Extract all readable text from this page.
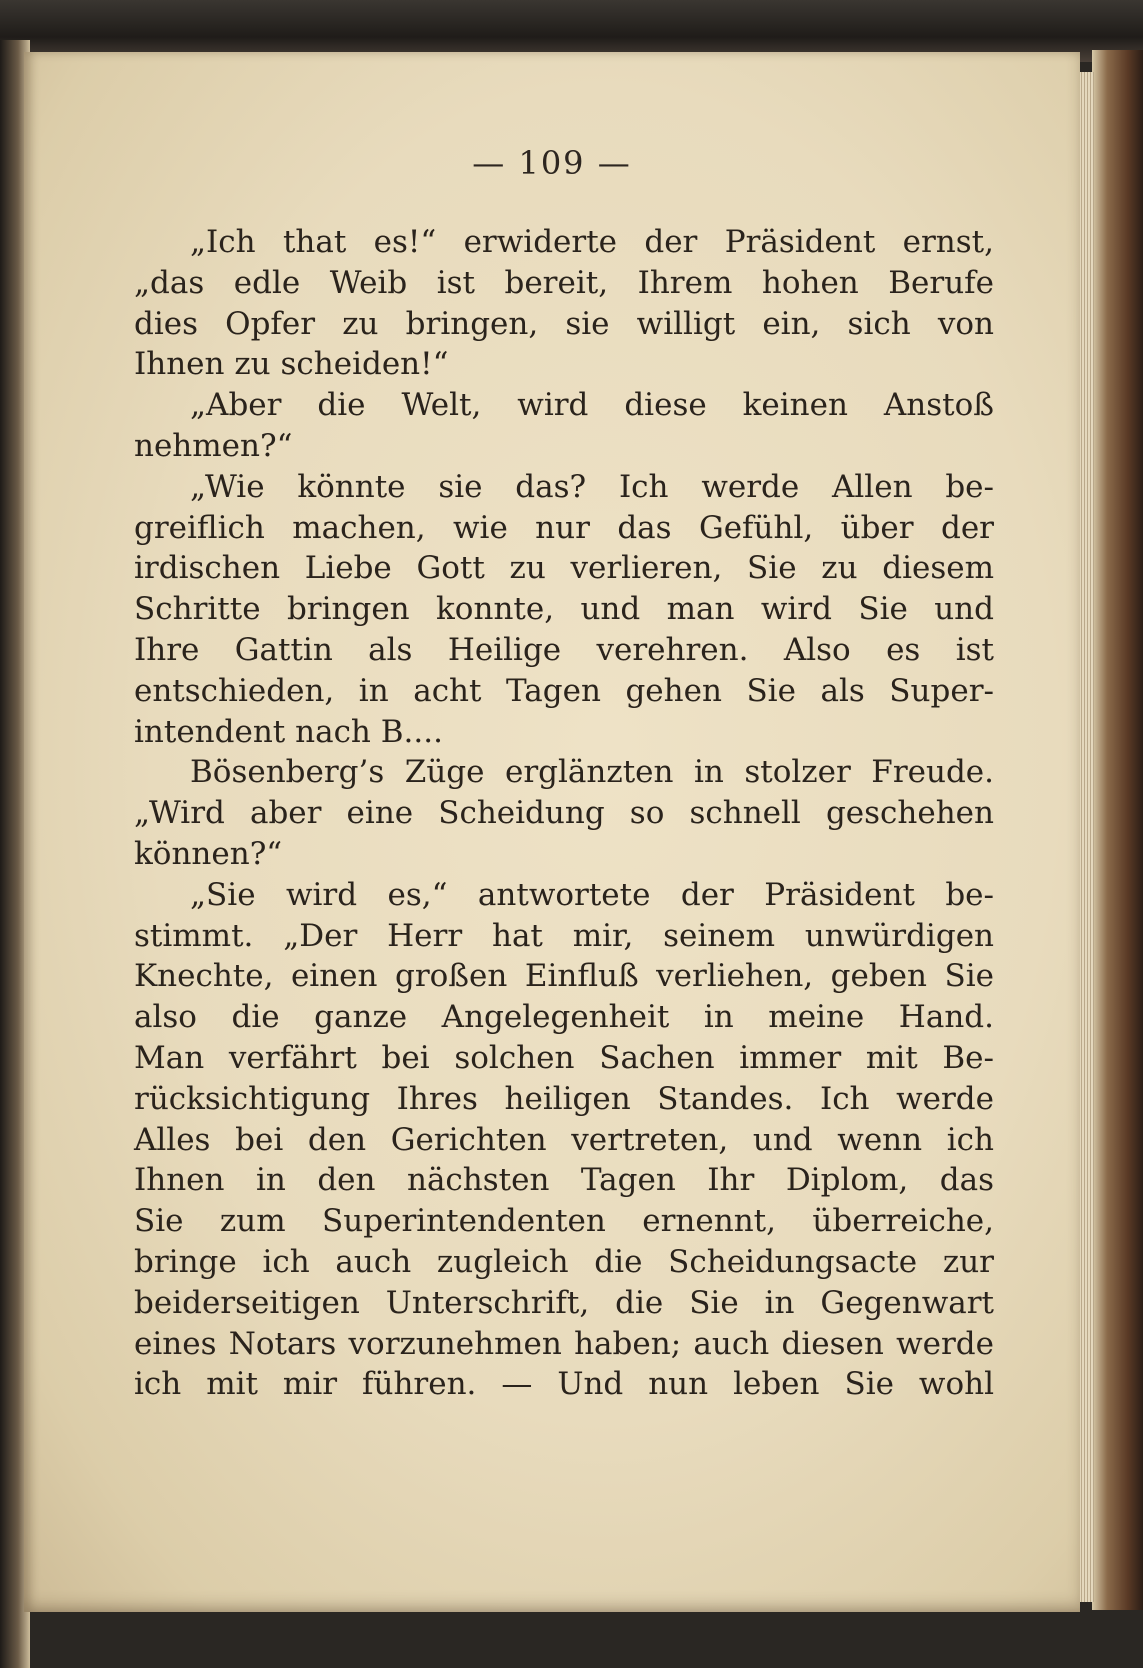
— 109 —
„Ich that es!“ erwiderte der Präsident ernst,
„das edle Weib ist bereit, Ihrem hohen Berufe
dies Opfer zu bringen, sie willigt ein, sich von
Ihnen zu scheiden!“
„Aber die Welt, wird diese keinen Anstoß
nehmen?“
„Wie könnte sie das? Ich werde Allen be-
greiflich machen, wie nur das Gefühl, über der
irdischen Liebe Gott zu verlieren, Sie zu diesem
Schritte bringen konnte, und man wird Sie und
Ihre Gattin als Heilige verehren. Also es ist
entschieden, in acht Tagen gehen Sie als Super-
intendent nach B....
Bösenberg’s Züge erglänzten in stolzer Freude.
„Wird aber eine Scheidung so schnell geschehen
können?“
„Sie wird es,“ antwortete der Präsident be-
stimmt. „Der Herr hat mir, seinem unwürdigen
Knechte, einen großen Einfluß verliehen, geben Sie
also die ganze Angelegenheit in meine Hand.
Man verfährt bei solchen Sachen immer mit Be-
rücksichtigung Ihres heiligen Standes. Ich werde
Alles bei den Gerichten vertreten, und wenn ich
Ihnen in den nächsten Tagen Ihr Diplom, das
Sie zum Superintendenten ernennt, überreiche,
bringe ich auch zugleich die Scheidungsacte zur
beiderseitigen Unterschrift, die Sie in Gegenwart
eines Notars vorzunehmen haben; auch diesen werde
ich mit mir führen. — Und nun leben Sie wohl
